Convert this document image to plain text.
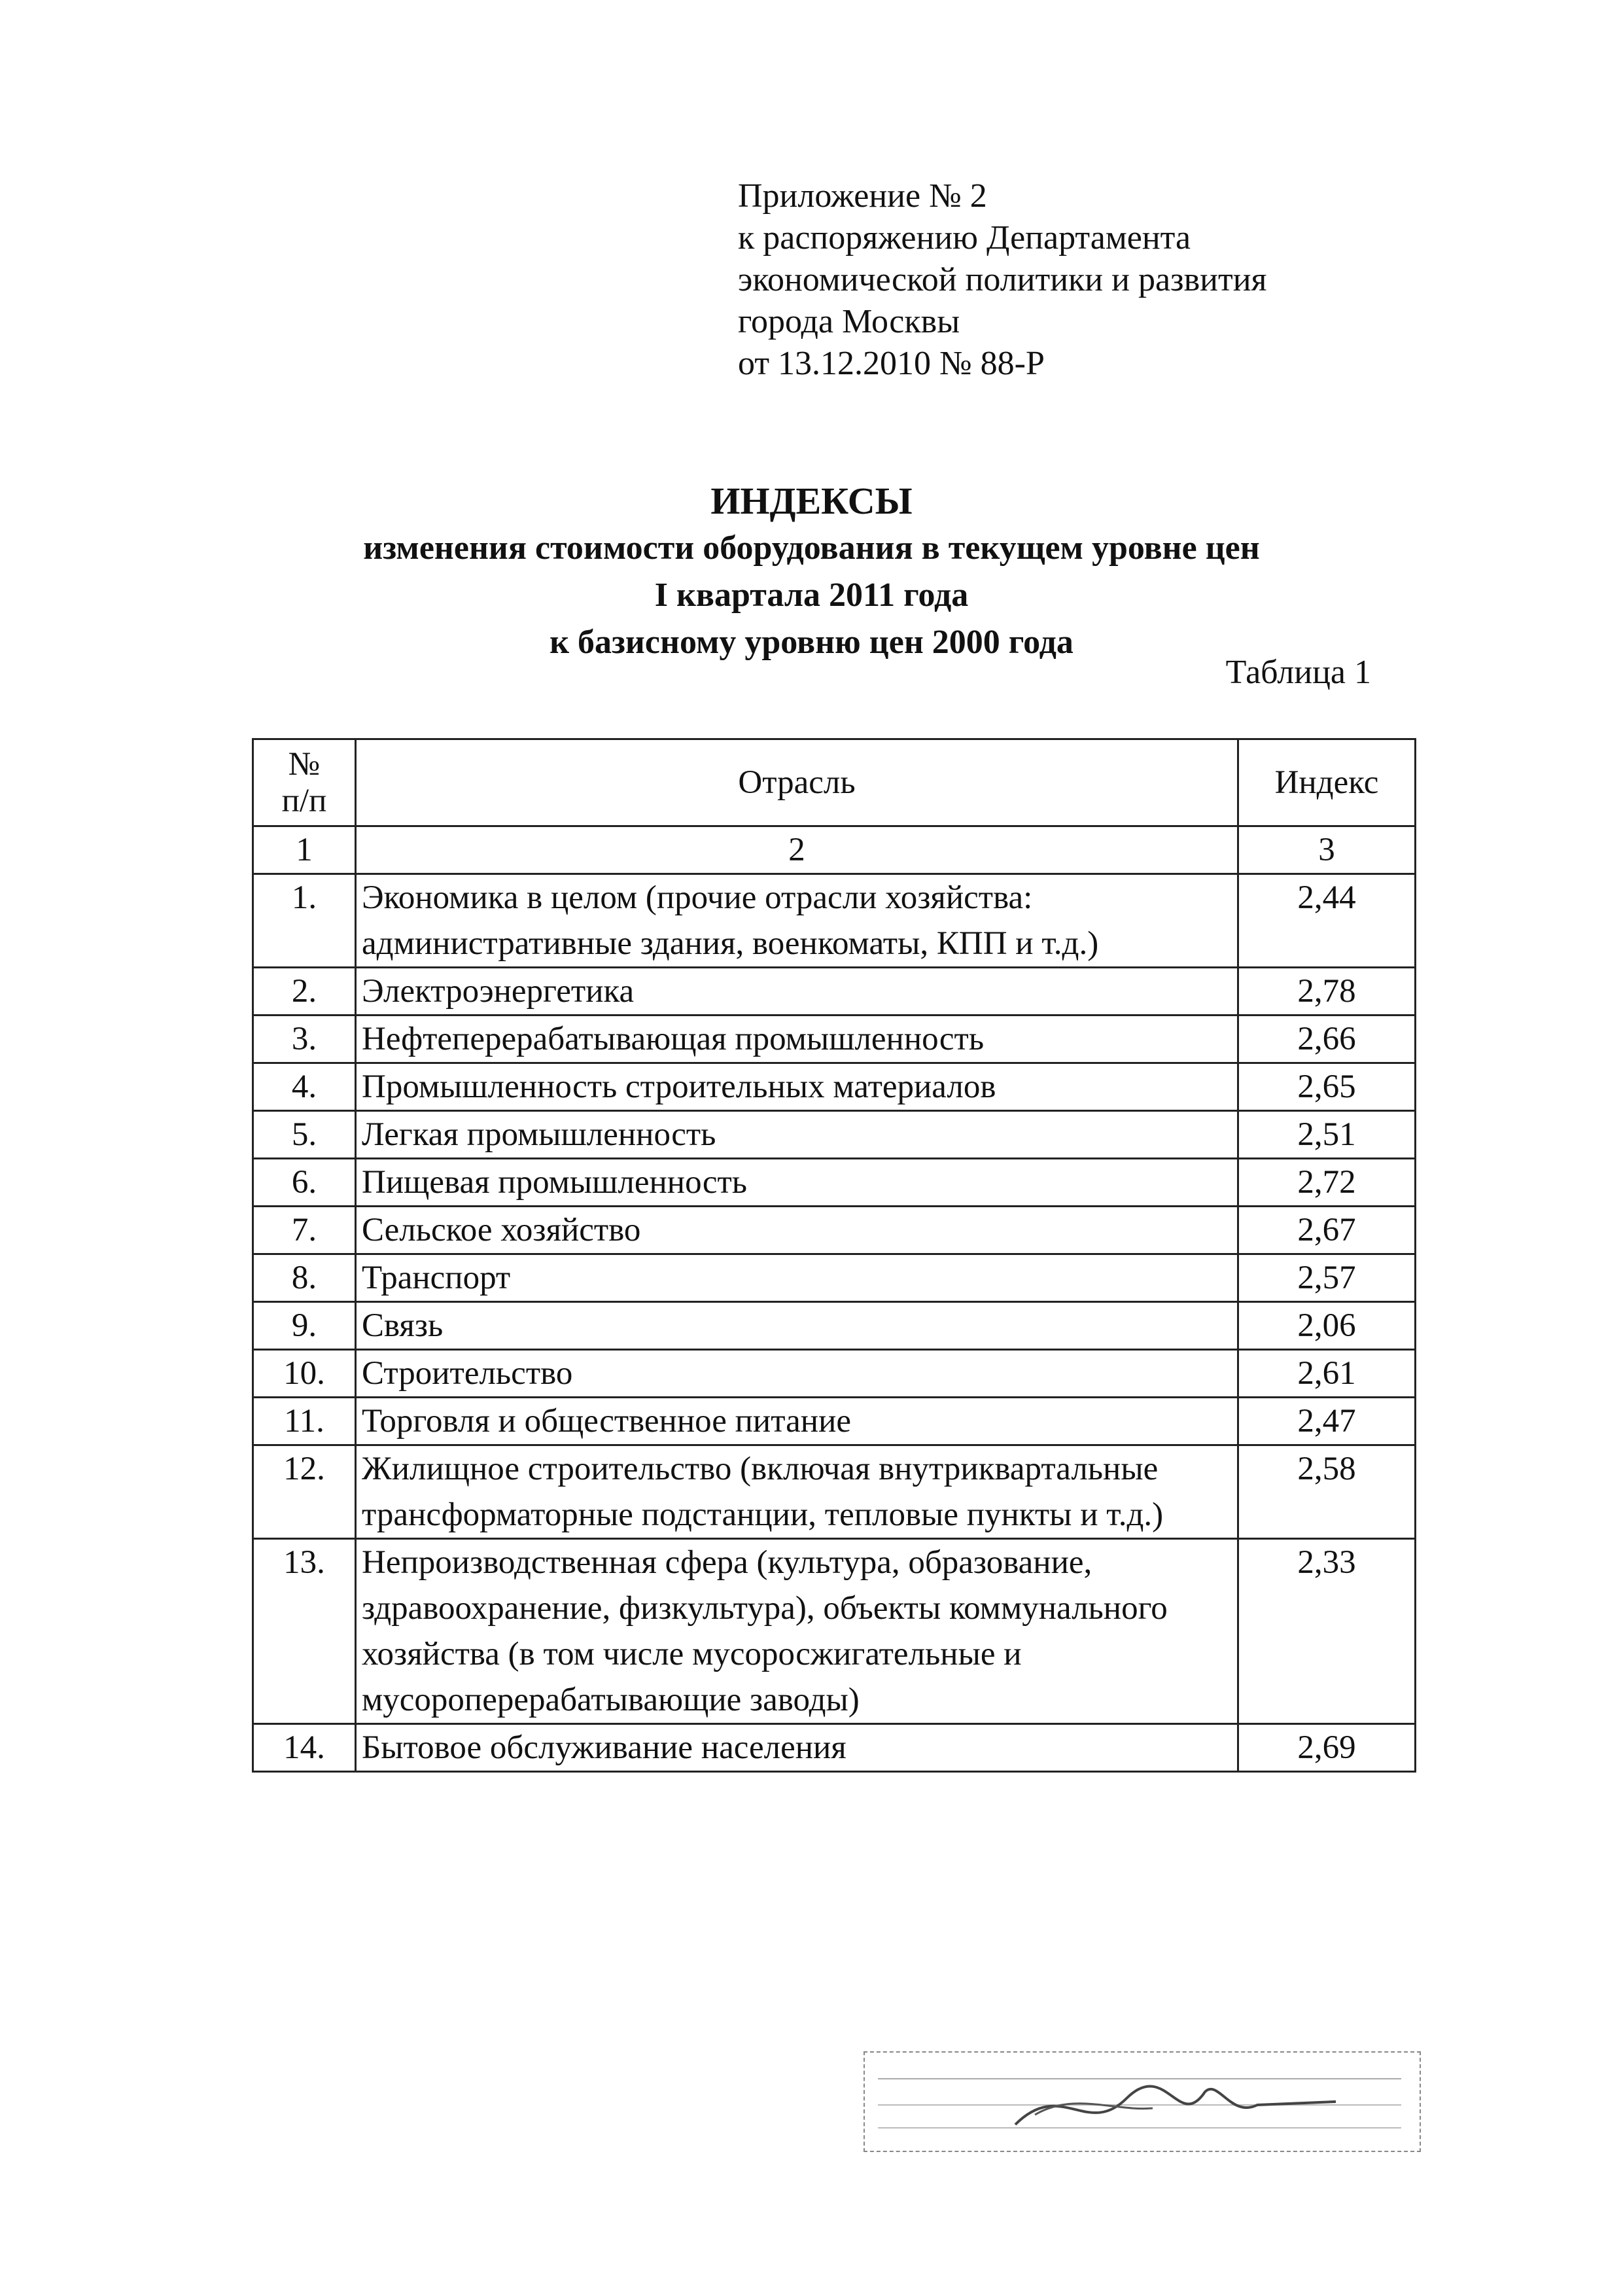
Приложение № 2
к распоряжению Департамента
экономической политики и развития
города Москвы
от 13.12.2010 № 88-Р
ИНДЕКСЫ
изменения стоимости оборудования в текущем уровне цен
I квартала 2011 года
к базисному уровню цен 2000 года
Таблица 1
№
п/п	Отрасль	Индекс
1	2	3
1.	Экономика в целом (прочие отрасли хозяйства: административные здания, военкоматы, КПП и т.д.)	2,44
2.	Электроэнергетика	2,78
3.	Нефтеперерабатывающая промышленность	2,66
4.	Промышленность строительных материалов	2,65
5.	Легкая промышленность	2,51
6.	Пищевая промышленность	2,72
7.	Сельское хозяйство	2,67
8.	Транспорт	2,57
9.	Связь	2,06
10.	Строительство	2,61
11.	Торговля и общественное питание	2,47
12.	Жилищное строительство (включая внутриквартальные трансформаторные подстанции, тепловые пункты и т.д.)	2,58
13.	Непроизводственная сфера (культура, образование, здравоохранение, физкультура), объекты коммунального хозяйства (в том числе мусоросжигательные и мусороперерабатывающие заводы)	2,33
14.	Бытовое обслуживание населения	2,69
